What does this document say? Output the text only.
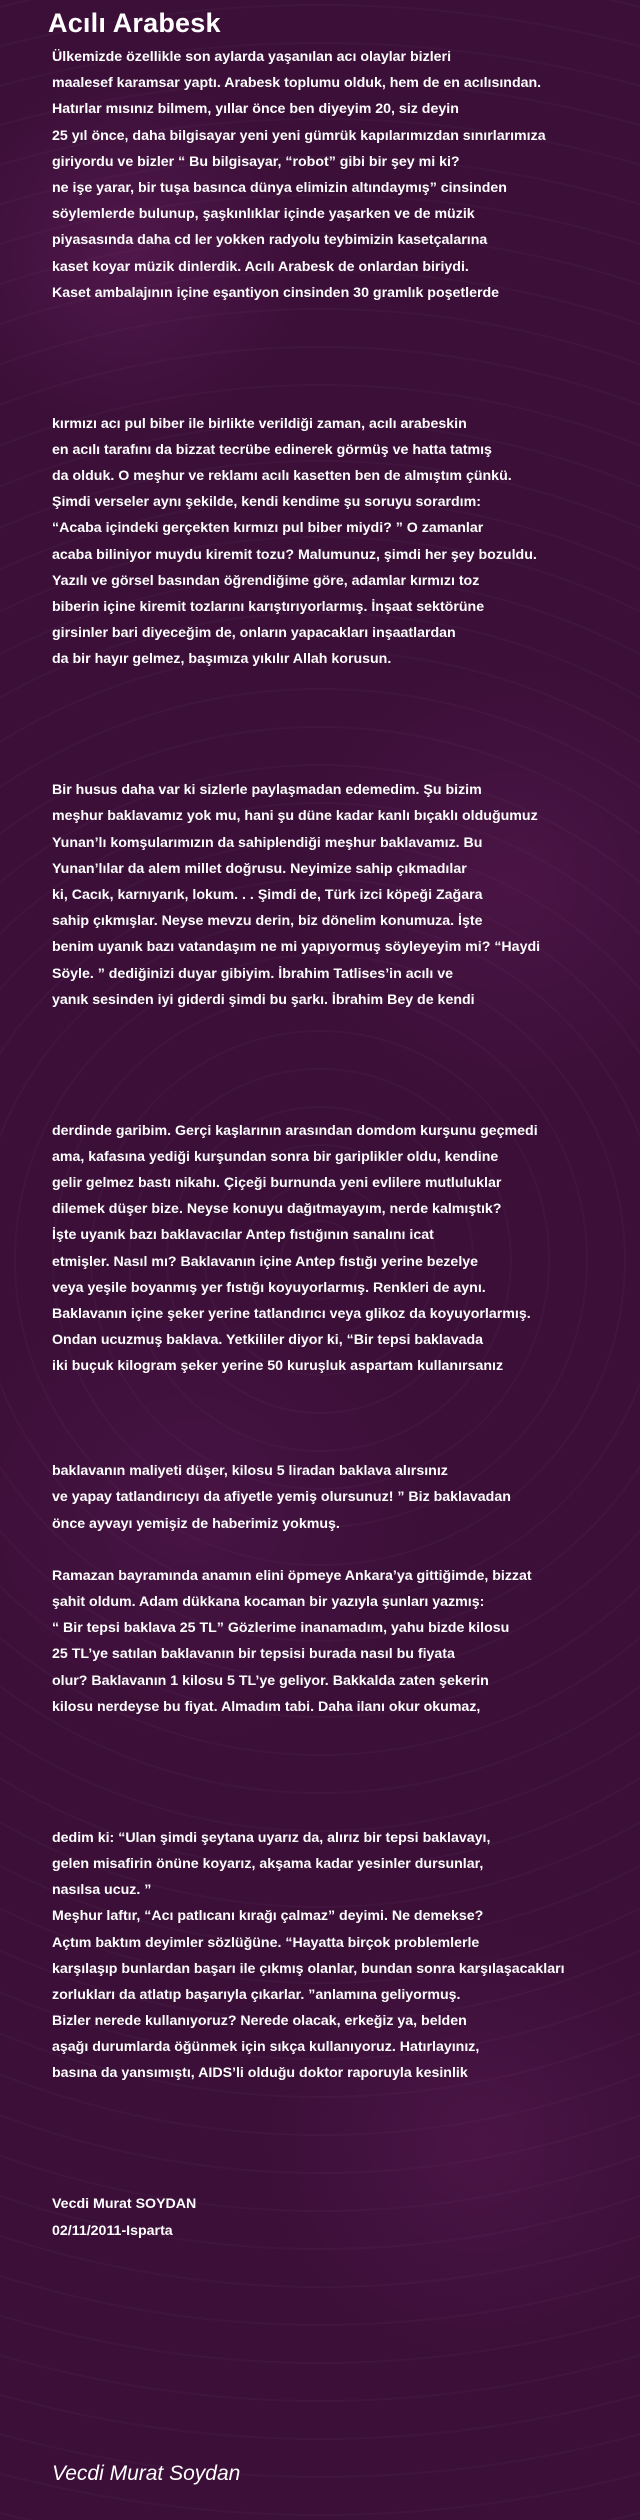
Acılı Arabesk
Ülkemizde özellikle son aylarda yaşanılan acı olaylar bizleri
maalesef karamsar yaptı. Arabesk toplumu olduk, hem de en acılısından.
Hatırlar mısınız bilmem, yıllar önce ben diyeyim 20, siz deyin
25 yıl önce, daha bilgisayar yeni yeni gümrük kapılarımızdan sınırlarımıza
giriyordu ve bizler “ Bu bilgisayar, “robot” gibi bir şey mi ki?
ne işe yarar, bir tuşa basınca dünya elimizin altındaymış” cinsinden
söylemlerde bulunup, şaşkınlıklar içinde yaşarken ve de müzik
piyasasında daha cd ler yokken radyolu teybimizin kasetçalarına
kaset koyar müzik dinlerdik. Acılı Arabesk de onlardan biriydi.
Kaset ambalajının içine eşantiyon cinsinden 30 gramlık poşetlerde
kırmızı acı pul biber ile birlikte verildiği zaman, acılı arabeskin
en acılı tarafını da bizzat tecrübe edinerek görmüş ve hatta tatmış
da olduk. O meşhur ve reklamı acılı kasetten ben de almıştım çünkü.
Şimdi verseler aynı şekilde, kendi kendime şu soruyu sorardım:
“Acaba içindeki gerçekten kırmızı pul biber miydi? ” O zamanlar
acaba biliniyor muydu kiremit tozu? Malumunuz, şimdi her şey bozuldu.
Yazılı ve görsel basından öğrendiğime göre, adamlar kırmızı toz
biberin içine kiremit tozlarını karıştırıyorlarmış. İnşaat sektörüne
girsinler bari diyeceğim de, onların yapacakları inşaatlardan
da bir hayır gelmez, başımıza yıkılır Allah korusun.
Bir husus daha var ki sizlerle paylaşmadan edemedim. Şu bizim
meşhur baklavamız yok mu, hani şu düne kadar kanlı bıçaklı olduğumuz
Yunan’lı komşularımızın da sahiplendiği meşhur baklavamız. Bu
Yunan’lılar da alem millet doğrusu. Neyimize sahip çıkmadılar
ki, Cacık, karnıyarık, lokum. . . Şimdi de, Türk izci köpeği Zağara
sahip çıkmışlar. Neyse mevzu derin, biz dönelim konumuza. İşte
benim uyanık bazı vatandaşım ne mi yapıyormuş söyleyeyim mi? “Haydi
Söyle. ” dediğinizi duyar gibiyim. İbrahim Tatlises’in acılı ve
yanık sesinden iyi giderdi şimdi bu şarkı. İbrahim Bey de kendi
derdinde garibim. Gerçi kaşlarının arasından domdom kurşunu geçmedi
ama, kafasına yediği kurşundan sonra bir gariplikler oldu, kendine
gelir gelmez bastı nikahı. Çiçeği burnunda yeni evlilere mutluluklar
dilemek düşer bize. Neyse konuyu dağıtmayayım, nerde kalmıştık?
İşte uyanık bazı baklavacılar Antep fıstığının sanalını icat
etmişler. Nasıl mı? Baklavanın içine Antep fıstığı yerine bezelye
veya yeşile boyanmış yer fıstığı koyuyorlarmış. Renkleri de aynı.
Baklavanın içine şeker yerine tatlandırıcı veya glikoz da koyuyorlarmış.
Ondan ucuzmuş baklava. Yetkililer diyor ki, “Bir tepsi baklavada
iki buçuk kilogram şeker yerine 50 kuruşluk aspartam kullanırsanız
baklavanın maliyeti düşer, kilosu 5 liradan baklava alırsınız
ve yapay tatlandırıcıyı da afiyetle yemiş olursunuz! ” Biz baklavadan
önce ayvayı yemişiz de haberimiz yokmuş.
Ramazan bayramında anamın elini öpmeye Ankara’ya gittiğimde, bizzat
şahit oldum. Adam dükkana kocaman bir yazıyla şunları yazmış:
“ Bir tepsi baklava 25 TL” Gözlerime inanamadım, yahu bizde kilosu
25 TL’ye satılan baklavanın bir tepsisi burada nasıl bu fiyata
olur? Baklavanın 1 kilosu 5 TL’ye geliyor. Bakkalda zaten şekerin
kilosu nerdeyse bu fiyat. Almadım tabi. Daha ilanı okur okumaz,
dedim ki: “Ulan şimdi şeytana uyarız da, alırız bir tepsi baklavayı,
gelen misafirin önüne koyarız, akşama kadar yesinler dursunlar,
nasılsa ucuz. ”
Meşhur laftır, “Acı patlıcanı kırağı çalmaz” deyimi. Ne demekse?
Açtım baktım deyimler sözlüğüne. “Hayatta birçok problemlerle
karşılaşıp bunlardan başarı ile çıkmış olanlar, bundan sonra karşılaşacakları
zorlukları da atlatıp başarıyla çıkarlar. ”anlamına geliyormuş.
Bizler nerede kullanıyoruz? Nerede olacak, erkeğiz ya, belden
aşağı durumlarda öğünmek için sıkça kullanıyoruz. Hatırlayınız,
basına da yansımıştı, AIDS’li olduğu doktor raporuyla kesinlik
Vecdi Murat SOYDAN
02/11/2011-Isparta
Vecdi Murat Soydan
